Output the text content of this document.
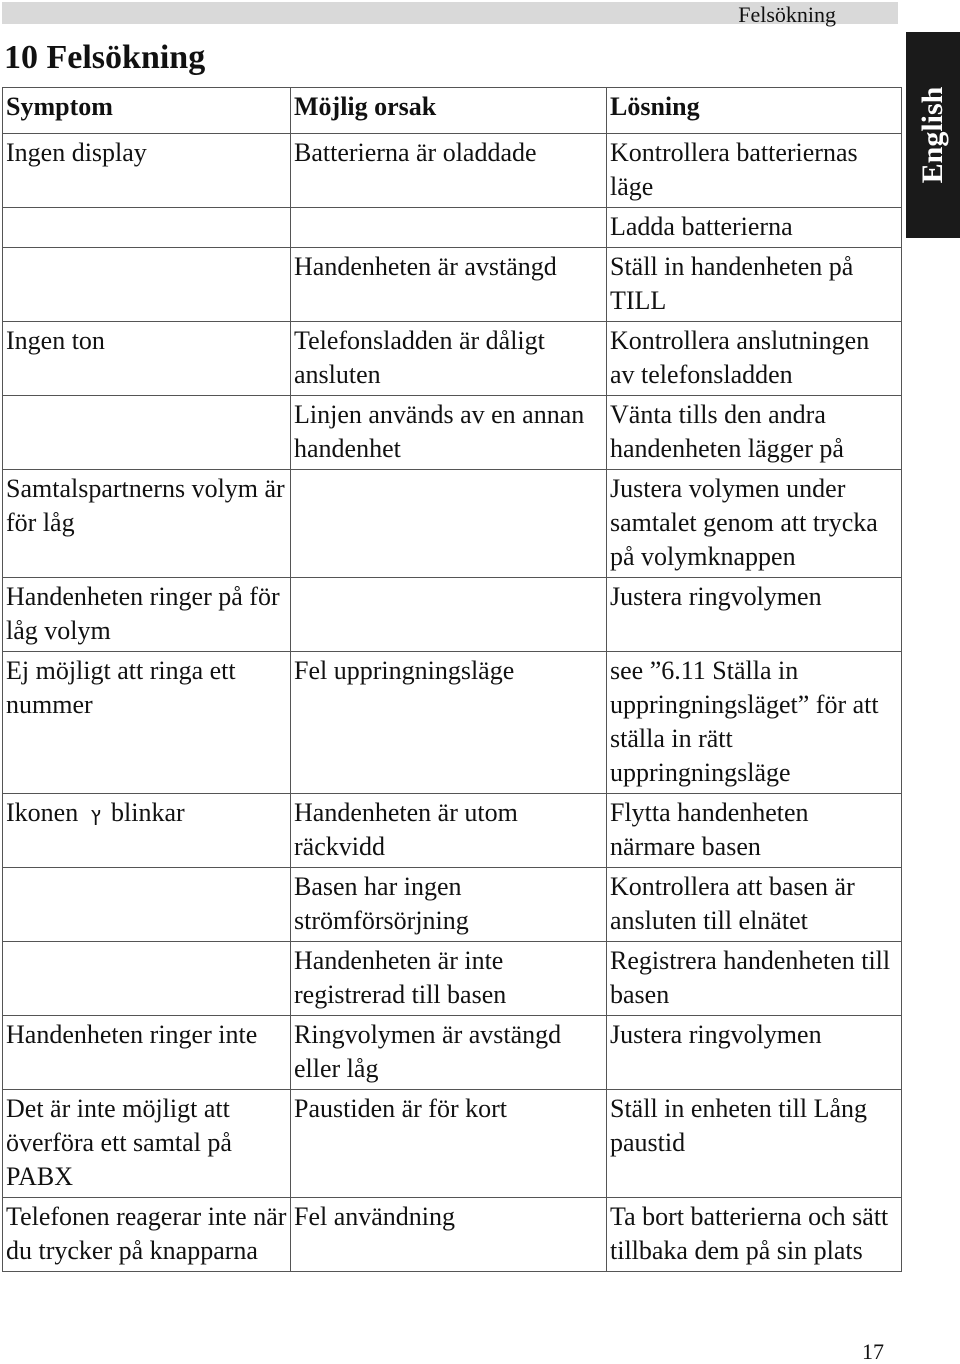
Felsökning
English
10 Felsökning
Symptom	Möjlig orsak	Lösning
Ingen display	Batterierna är oladdade	Kontrollera batteriernas läge
		Ladda batterierna
	Handenheten är avstängd	Ställ in handenheten på TILL
Ingen ton	Telefonsladden är dåligt ansluten	Kontrollera anslutningen av telefonsladden
	Linjen används av en annan handenhet	Vänta tills den andra handenheten lägger på
Samtalspartnerns volym är för låg		Justera volymen under samtalet genom att trycka på volymknappen
Handenheten ringer på för låg volym		Justera ringvolymen
Ej möjligt att ringa ett nummer	Fel uppringningsläge	see ”6.11 Ställa in uppringningsläget” för att ställa in rätt uppringningsläge
Ikonen ץ blinkar	Handenheten är utom räckvidd	Flytta handenheten närmare basen
	Basen har ingen strömförsörjning	Kontrollera att basen är ansluten till elnätet
	Handenheten är inte registrerad till basen	Registrera handenheten till basen
Handenheten ringer inte	Ringvolymen är avstängd eller låg	Justera ringvolymen
Det är inte möjligt att överföra ett samtal på PABX	Paustiden är för kort	Ställ in enheten till Lång paustid
Telefonen reagerar inte när du trycker på knapparna	Fel användning	Ta bort batterierna och sätt tillbaka dem på sin plats
17
